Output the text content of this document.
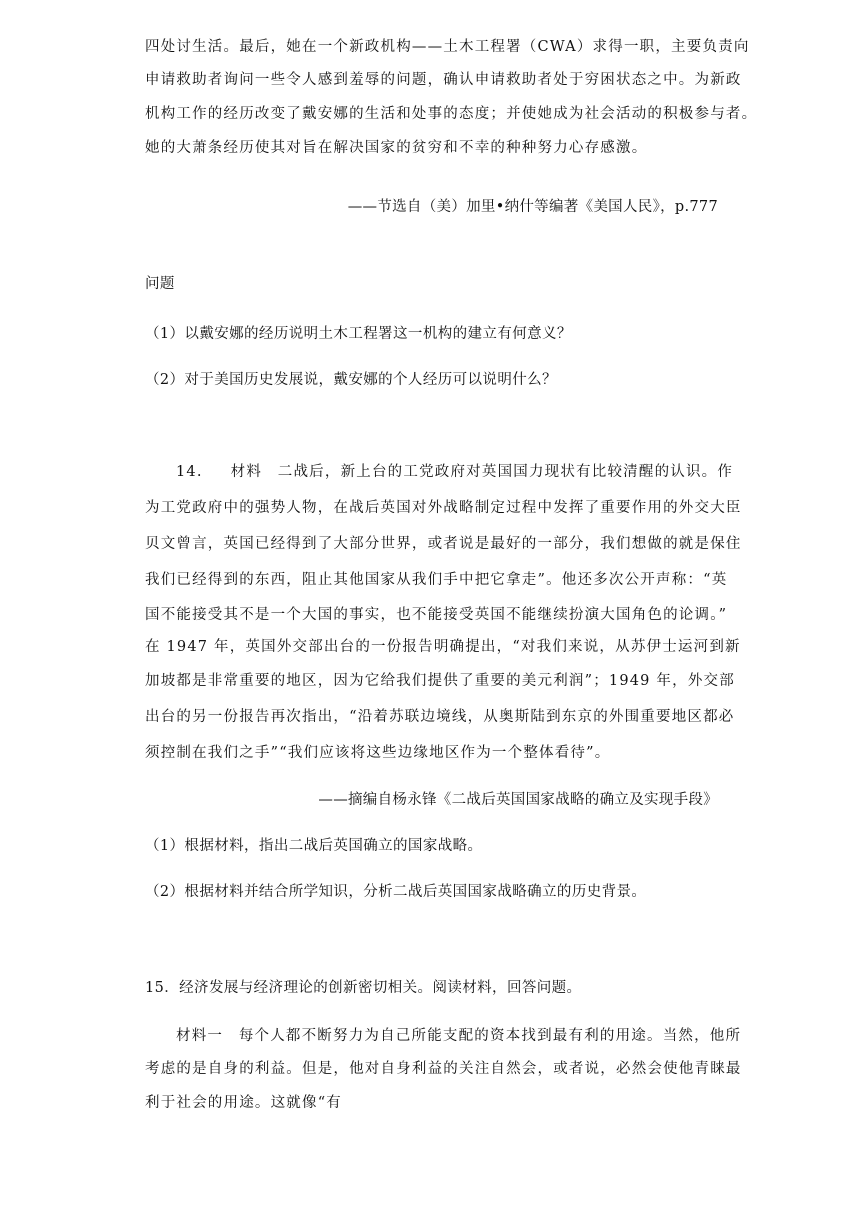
四处讨生活。最后，她在一个新政机构——土木工程署（CWA）求得一职，主要负责向
申请救助者询问一些令人感到羞辱的问题，确认申请救助者处于穷困状态之中。为新政
机构工作的经历改变了戴安娜的生活和处事的态度；并使她成为社会活动的积极参与者。
她的大萧条经历使其对旨在解决国家的贫穷和不幸的种种努力心存感激。
——节选自（美）加里•纳什等编著《美国人民》，p.777
问题
（1）以戴安娜的经历说明土木工程署这一机构的建立有何意义？
（2）对于美国历史发展说，戴安娜的个人经历可以说明什么？
14. 材料　 二战后，新上台的工党政府对英国国力现状有比较清醒的认识。作
为工党政府中的强势人物，在战后英国对外战略制定过程中发挥了重要作用的外交大臣
贝文曾言，英国已经得到了大部分世界，或者说是最好的一部分，我们想做的就是保住
我们已经得到的东西，阻止其他国家从我们手中把它拿走”。他还多次公开声称：“英
国不能接受其不是一个大国的事实，也不能接受英国不能继续扮演大国角色的论调。”
在 1947 年，英国外交部出台的一份报告明确提出，“对我们来说，从苏伊士运河到新
加坡都是非常重要的地区，因为它给我们提供了重要的美元利润”；1949 年，外交部
出台的另一份报告再次指出，“沿着苏联边境线，从奥斯陆到东京的外围重要地区都必
须控制在我们之手”“我们应该将这些边缘地区作为一个整体看待”。
——摘编自杨永锋《二战后英国国家战略的确立及实现手段》
（1）根据材料，指出二战后英国确立的国家战略。
（2）根据材料并结合所学知识，分析二战后英国国家战略确立的历史背景。
15．经济发展与经济理论的创新密切相关。阅读材料，回答问题。
材料一　 每个人都不断努力为自己所能支配的资本找到最有利的用途。当然，他所
考虑的是自身的利益。但是，他对自身利益的关注自然会，或者说，必然会使他青睐最
利于社会的用途。这就像“有
